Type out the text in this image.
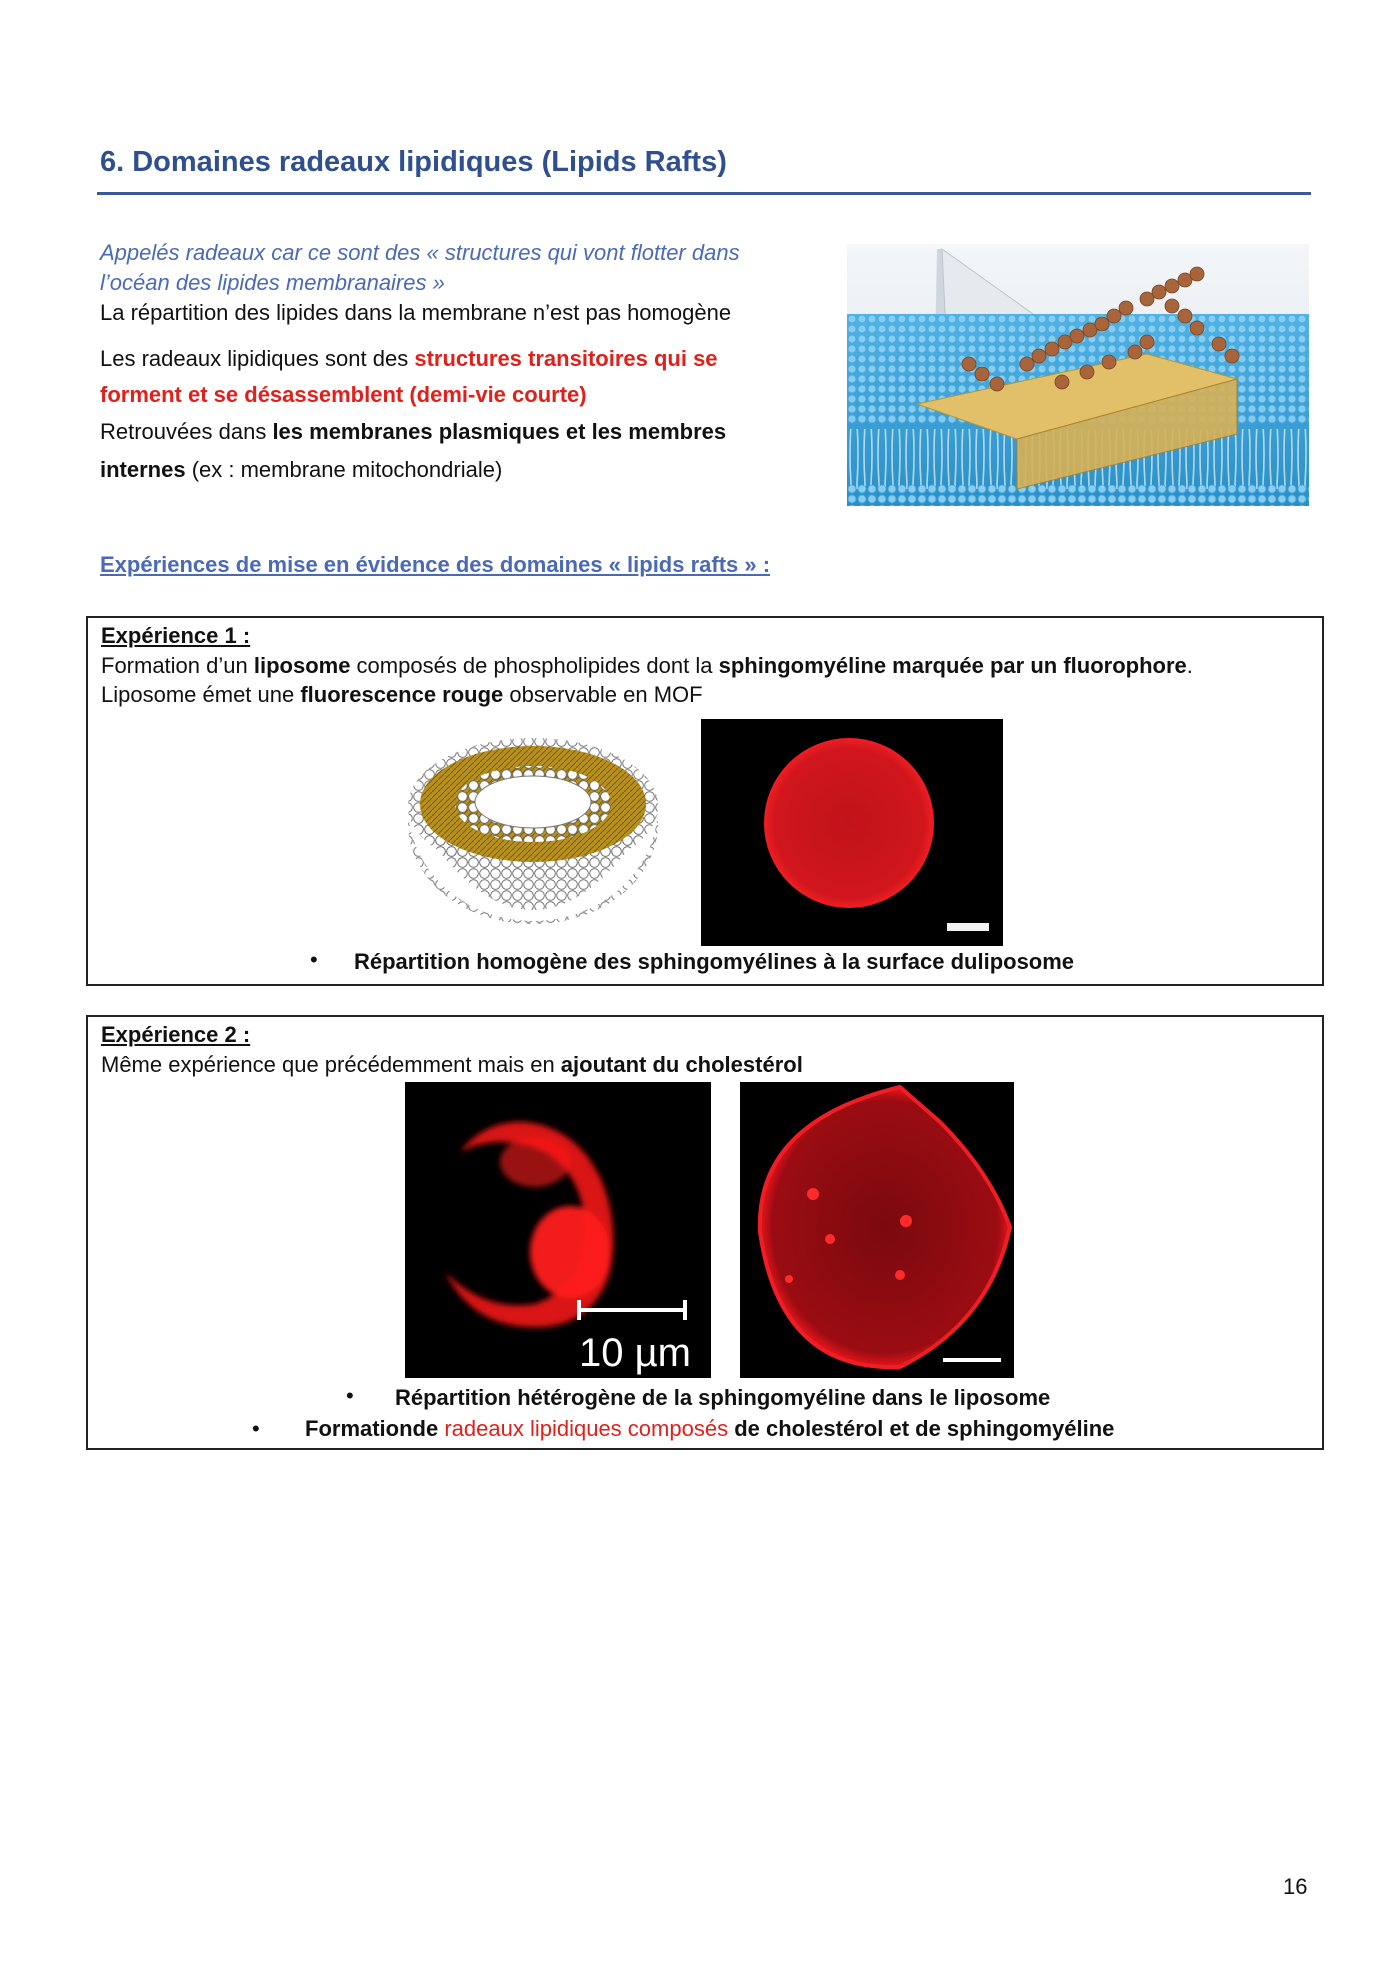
6. Domaines radeaux lipidiques (Lipids Rafts)
Appelés radeaux car ce sont des « structures qui vont flotter dans
l’océan des lipides membranaires »
La répartition des lipides dans la membrane n’est pas homogène
Les radeaux lipidiques sont des structures transitoires qui se
forment et se désassemblent (demi-vie courte)
Retrouvées dans les membranes plasmiques et les membres
internes (ex : membrane mitochondriale)
Expériences de mise en évidence des domaines « lipids rafts » :
Expérience 1 :
Formation d’un liposome composés de phospholipides dont la sphingomyéline marquée par un fluorophore.
Liposome émet une fluorescence rouge observable en MOF
• Répartition homogène des sphingomyélines à la surface duliposome
Expérience 2 :
Même expérience que précédemment mais en ajoutant du cholestérol
10 µm
• Répartition hétérogène de la sphingomyéline dans le liposome
• Formationde radeaux lipidiques composés de cholestérol et de sphingomyéline
16
